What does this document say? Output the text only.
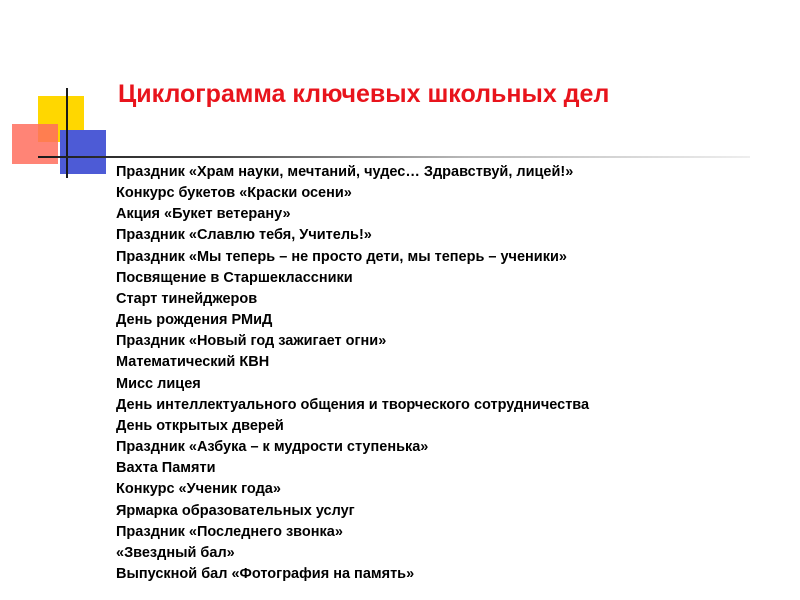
Циклограмма ключевых школьных дел
Праздник «Храм науки, мечтаний, чудес… Здравствуй, лицей!»
Конкурс букетов «Краски осени»
Акция «Букет ветерану»
Праздник «Славлю тебя, Учитель!»
Праздник «Мы теперь – не просто дети, мы теперь – ученики»
Посвящение в Старшеклассники
Старт тинейджеров
День рождения РМиД
Праздник «Новый год зажигает огни»
Математический КВН
Мисс лицея
День интеллектуального общения и творческого сотрудничества
День открытых дверей
Праздник «Азбука – к мудрости ступенька»
Вахта Памяти
Конкурс «Ученик года»
Ярмарка образовательных услуг
Праздник «Последнего звонка»
«Звездный бал»
Выпускной бал «Фотография на память»
